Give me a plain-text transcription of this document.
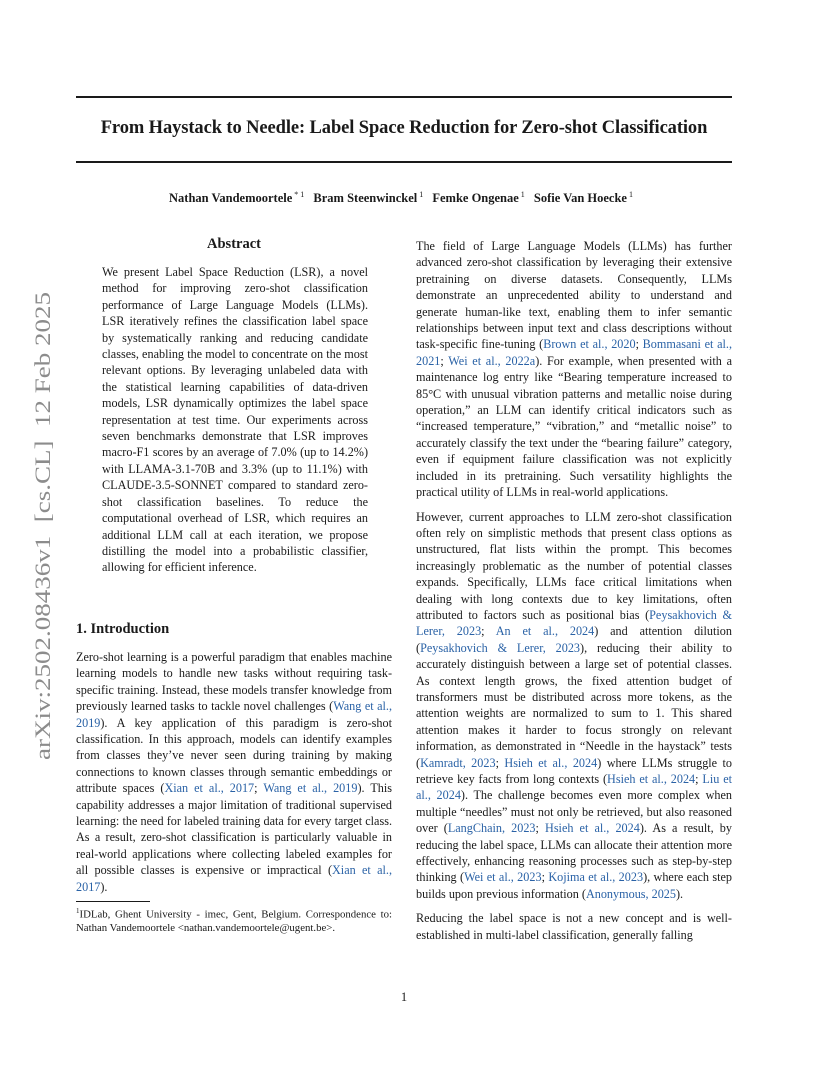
From Haystack to Needle: Label Space Reduction for Zero-shot Classification
Nathan Vandemoortele $^{* 1}$ Bram Steenwinckel $^1$ Femke Ongenae $^1$ Sofie Van Hoecke $^1$
arXiv:2502.08436v1  [cs.CL]  12 Feb 2025
Abstract

We present Label Space Reduction (LSR), a novel method for improving zero-shot classification performance of Large Language Models (LLMs). LSR iteratively refines the classification label space by systematically ranking and reducing candidate classes, enabling the model to concentrate on the most relevant options. By leveraging unlabeled data with the statistical learning capabilities of data-driven models, LSR dynamically optimizes the label space representation at test time. Our experiments across seven benchmarks demonstrate that LSR improves macro-F1 scores by an average of 7.0% (up to 14.2%) with LLAMA-3.1-70B and 3.3% (up to 11.1%) with CLAUDE-3.5-SONNET compared to standard zero-shot classification baselines. To reduce the computational overhead of LSR, which requires an additional LLM call at each iteration, we propose distilling the model into a probabilistic classifier, allowing for efficient inference.

1. Introduction

Zero-shot learning is a powerful paradigm that enables machine learning models to handle new tasks without requiring task-specific training. Instead, these models transfer knowledge from previously learned tasks to tackle novel challenges (Wang et al., 2019). A key application of this paradigm is zero-shot classification. In this approach, models can identify examples from classes they’ve never seen during training by making connections to known classes through semantic embeddings or attribute spaces (Xian et al., 2017; Wang et al., 2019). This capability addresses a major limitation of traditional supervised learning: the need for labeled training data for every target class. As a result, zero-shot classification is particularly valuable in real-world applications where collecting labeled examples for all possible classes is expensive or impractical (Xian et al., 2017).

$^1$IDLab, Ghent University - imec, Gent, Belgium. Correspondence to: Nathan Vandemoortele <nathan.vandemoortele@ugent.be>.

The field of Large Language Models (LLMs) has further advanced zero-shot classification by leveraging their extensive pretraining on diverse datasets. Consequently, LLMs demonstrate an unprecedented ability to understand and generate human-like text, enabling them to infer semantic relationships between input text and class descriptions without task-specific fine-tuning (Brown et al., 2020; Bommasani et al., 2021; Wei et al., 2022a). For example, when presented with a maintenance log entry like “Bearing temperature increased to 85°C with unusual vibration patterns and metallic noise during operation,” an LLM can identify critical indicators such as “increased temperature,” “vibration,” and “metallic noise” to accurately classify the text under the “bearing failure” category, even if equipment failure classification was not explicitly included in its pretraining. Such versatility highlights the practical utility of LLMs in real-world applications.

However, current approaches to LLM zero-shot classification often rely on simplistic methods that present class options as unstructured, flat lists within the prompt. This becomes increasingly problematic as the number of potential classes expands. Specifically, LLMs face critical limitations when dealing with long contexts due to key limitations, often attributed to factors such as positional bias (Peysakhovich & Lerer, 2023; An et al., 2024) and attention dilution (Peysakhovich & Lerer, 2023), reducing their ability to accurately distinguish between a large set of potential classes. As context length grows, the fixed attention budget of transformers must be distributed across more tokens, as the attention weights are normalized to sum to 1. This shared attention makes it harder to focus strongly on relevant information, as demonstrated in “Needle in the haystack” tests (Kamradt, 2023; Hsieh et al., 2024) where LLMs struggle to retrieve key facts from long contexts (Hsieh et al., 2024; Liu et al., 2024). The challenge becomes even more complex when multiple “needles” must not only be retrieved, but also reasoned over (LangChain, 2023; Hsieh et al., 2024). As a result, by reducing the label space, LLMs can allocate their attention more effectively, enhancing reasoning processes such as step-by-step thinking (Wei et al., 2023; Kojima et al., 2023), where each step builds upon previous information (Anonymous, 2025).

Reducing the label space is not a new concept and is well-established in multi-label classification, generally falling

1
